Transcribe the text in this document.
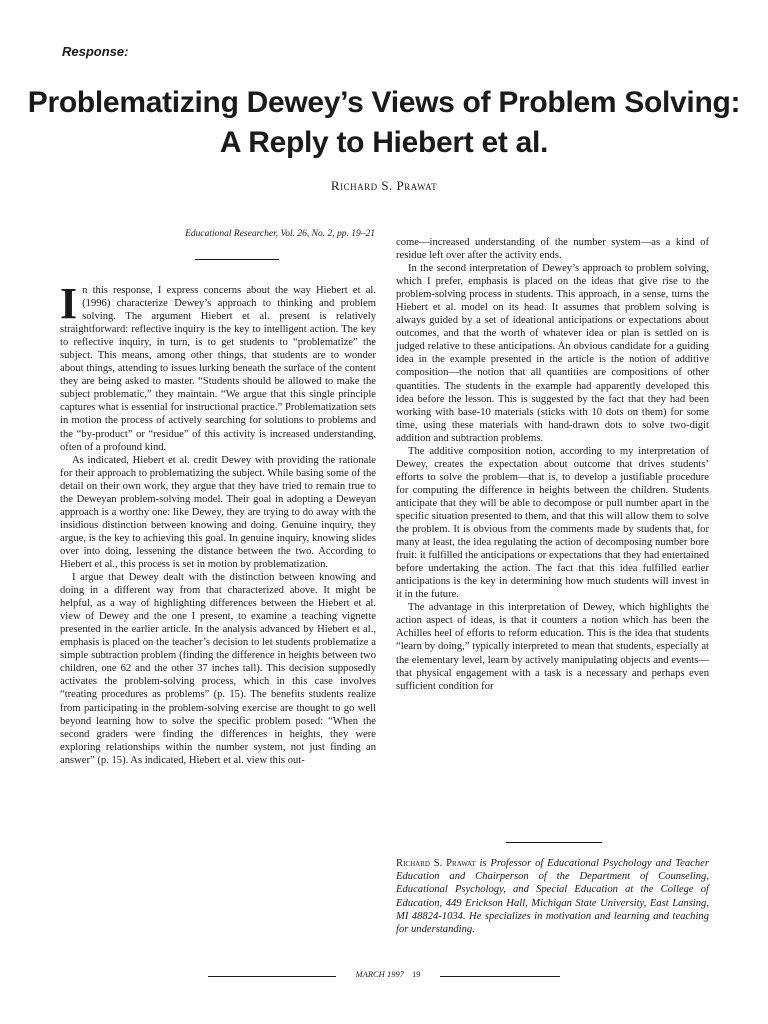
Response:
Problematizing Dewey’s Views of Problem Solving:
A Reply to Hiebert et al.
Richard S. Prawat
Educational Researcher, Vol. 26, No. 2, pp. 19–21

In this response, I express concerns about the way Hiebert et al. (1996) characterize Dewey’s approach to thinking and problem solving. The argument Hiebert et al. present is relatively straightforward: reflective inquiry is the key to intelligent action. The key to reflective inquiry, in turn, is to get students to “problematize” the subject. This means, among other things, that students are to wonder about things, attending to issues lurking beneath the surface of the content they are being asked to master. “Students should be allowed to make the subject problematic,” they maintain. “We argue that this single principle captures what is essential for instructional practice.” Problematization sets in motion the process of actively searching for solutions to problems and the “by-product” or “residue” of this activity is increased understanding, often of a profound kind.

As indicated, Hiebert et al. credit Dewey with providing the rationale for their approach to problematizing the subject. While basing some of the detail on their own work, they argue that they have tried to remain true to the Deweyan problem-solving model. Their goal in adopting a Deweyan approach is a worthy one: like Dewey, they are trying to do away with the insidious distinction between knowing and doing. Genuine inquiry, they argue, is the key to achieving this goal. In genuine inquiry, knowing slides over into doing, lessening the distance between the two. According to Hiebert et al., this process is set in motion by problematization.

I argue that Dewey dealt with the distinction between knowing and doing in a different way from that characterized above. It might be helpful, as a way of highlighting differences between the Hiebert et al. view of Dewey and the one I present, to examine a teaching vignette presented in the earlier article. In the analysis advanced by Hiebert et al., emphasis is placed on the teacher’s decision to let students problematize a simple subtraction problem (finding the difference in heights between two children, one 62 and the other 37 inches tall). This decision supposedly activates the problem-solving process, which in this case involves “treating procedures as problems” (p. 15). The benefits students realize from participating in the problem-solving exercise are thought to go well beyond learning how to solve the specific problem posed: “When the second graders were finding the differences in heights, they were exploring relationships within the number system, not just finding an answer” (p. 15). As indicated, Hiebert et al. view this out-

come—increased understanding of the number system—as a kind of residue left over after the activity ends.

In the second interpretation of Dewey’s approach to problem solving, which I prefer, emphasis is placed on the ideas that give rise to the problem-solving process in students. This approach, in a sense, turns the Hiebert et al. model on its head. It assumes that problem solving is always guided by a set of ideational anticipations or expectations about outcomes, and that the worth of whatever idea or plan is settled on is judged relative to these anticipations. An obvious candidate for a guiding idea in the example presented in the article is the notion of additive composition—the notion that all quantities are compositions of other quantities. The students in the example had apparently developed this idea before the lesson. This is suggested by the fact that they had been working with base-10 materials (sticks with 10 dots on them) for some time, using these materials with hand-drawn dots to solve two-digit addition and subtraction problems.

The additive composition notion, according to my interpretation of Dewey, creates the expectation about outcome that drives students’ efforts to solve the problem—that is, to develop a justifiable procedure for computing the difference in heights between the children. Students anticipate that they will be able to decompose or pull number apart in the specific situation presented to them, and that this will allow them to solve the problem. It is obvious from the comments made by students that, for many at least, the idea regulating the action of decomposing number bore fruit: it fulfilled the anticipations or expectations that they had entertained before undertaking the action. The fact that this idea fulfilled earlier anticipations is the key in determining how much students will invest in it in the future.

The advantage in this interpretation of Dewey, which highlights the action aspect of ideas, is that it counters a notion which has been the Achilles heel of efforts to reform education. This is the idea that students “learn by doing,” typically interpreted to mean that students, especially at the elementary level, learn by actively manipulating objects and events—that physical engagement with a task is a necessary and perhaps even sufficient condition for

Richard S. Prawat is Professor of Educational Psychology and Teacher Education and Chairperson of the Department of Counseling, Educational Psychology, and Special Education at the College of Education, 449 Erickson Hall, Michigan State University, East Lansing, MI 48824-1034. He specializes in motivation and learning and teaching for understanding.
MARCH 1997 19
